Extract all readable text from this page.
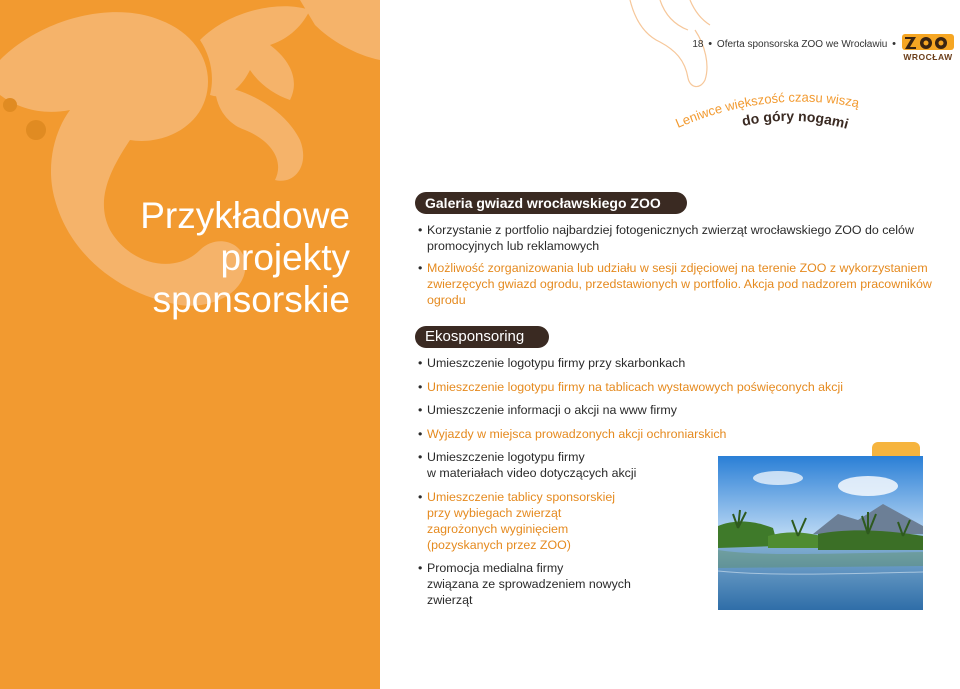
Przykładowe
projekty
sponsorskie
18 • Oferta sponsorska ZOO we Wrocławiu •
WROCŁAW
Leniwce większość czasu wiszą
do góry nogami
Galeria gwiazd wrocławskiego ZOO
• Korzystanie z portfolio najbardziej fotogenicznych zwierząt wrocławskiego ZOO do celów promocyjnych lub reklamowych
• Możliwość zorganizowania lub udziału w sesji zdjęciowej na terenie ZOO z wykorzystaniem zwierzęcych gwiazd ogrodu, przedstawionych w portfolio. Akcja pod nadzorem pracowników ogrodu
Ekosponsoring
• Umieszczenie logotypu firmy przy skarbonkach
• Umieszczenie logotypu firmy na tablicach wystawowych poświęconych akcji
• Umieszczenie informacji o akcji na www firmy
• Wyjazdy w miejsca prowadzonych akcji ochroniarskich
• Umieszczenie logotypu firmy
w materiałach video dotyczących akcji
• Umieszczenie tablicy sponsorskiej
przy wybiegach zwierząt
zagrożonych wyginięciem
(pozyskanych przez ZOO)
• Promocja medialna firmy
związana ze sprowadzeniem nowych
zwierząt
